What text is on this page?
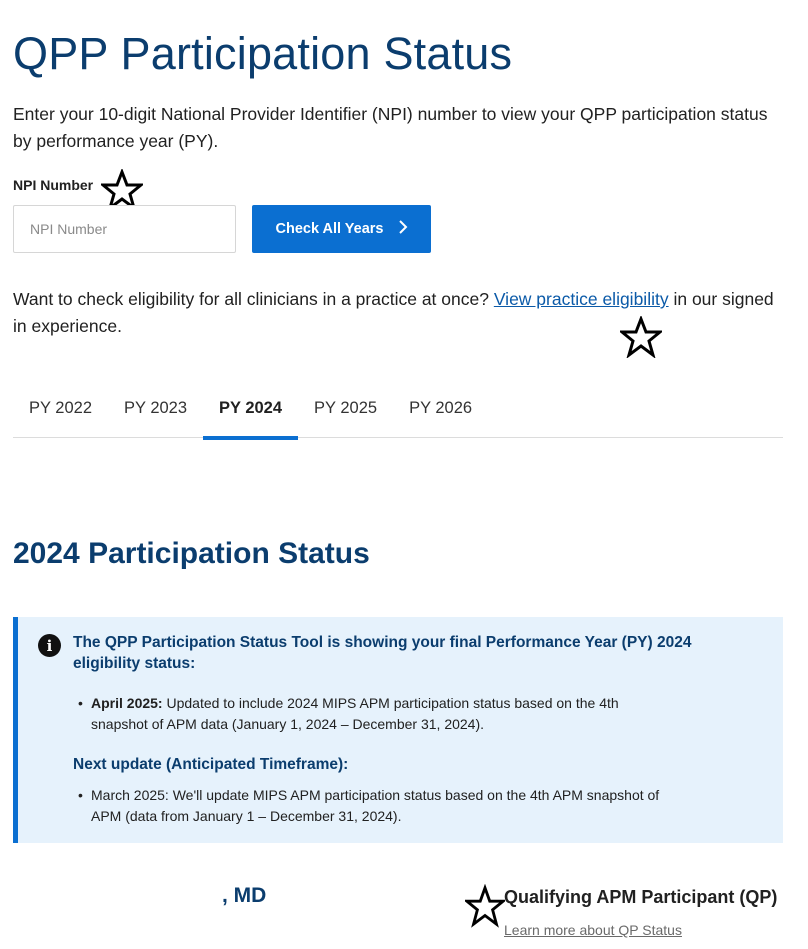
QPP Participation Status

Enter your 10-digit National Provider Identifier (NPI) number to view your QPP participation status by performance year (PY).

NPI Number
NPI Number
Check All Years

Want to check eligibility for all clinicians in a practice at once? View practice eligibility in our signed in experience.

PY 2022	PY 2023	PY 2024	PY 2025	PY 2026
2024 Participation Status
i	The QPP Participation Status Tool is showing your final Performance Year (PY) 2024 eligibility status:
• April 2025: Updated to include 2024 MIPS APM participation status based on the 4th snapshot of APM data (January 1, 2024 – December 31, 2024).
Next update (Anticipated Timeframe):
• March 2025: We'll update MIPS APM participation status based on the 4th APM snapshot of APM (data from January 1 – December 31, 2024).
, MD	Qualifying APM Participant (QP)
Learn more about QP Status
